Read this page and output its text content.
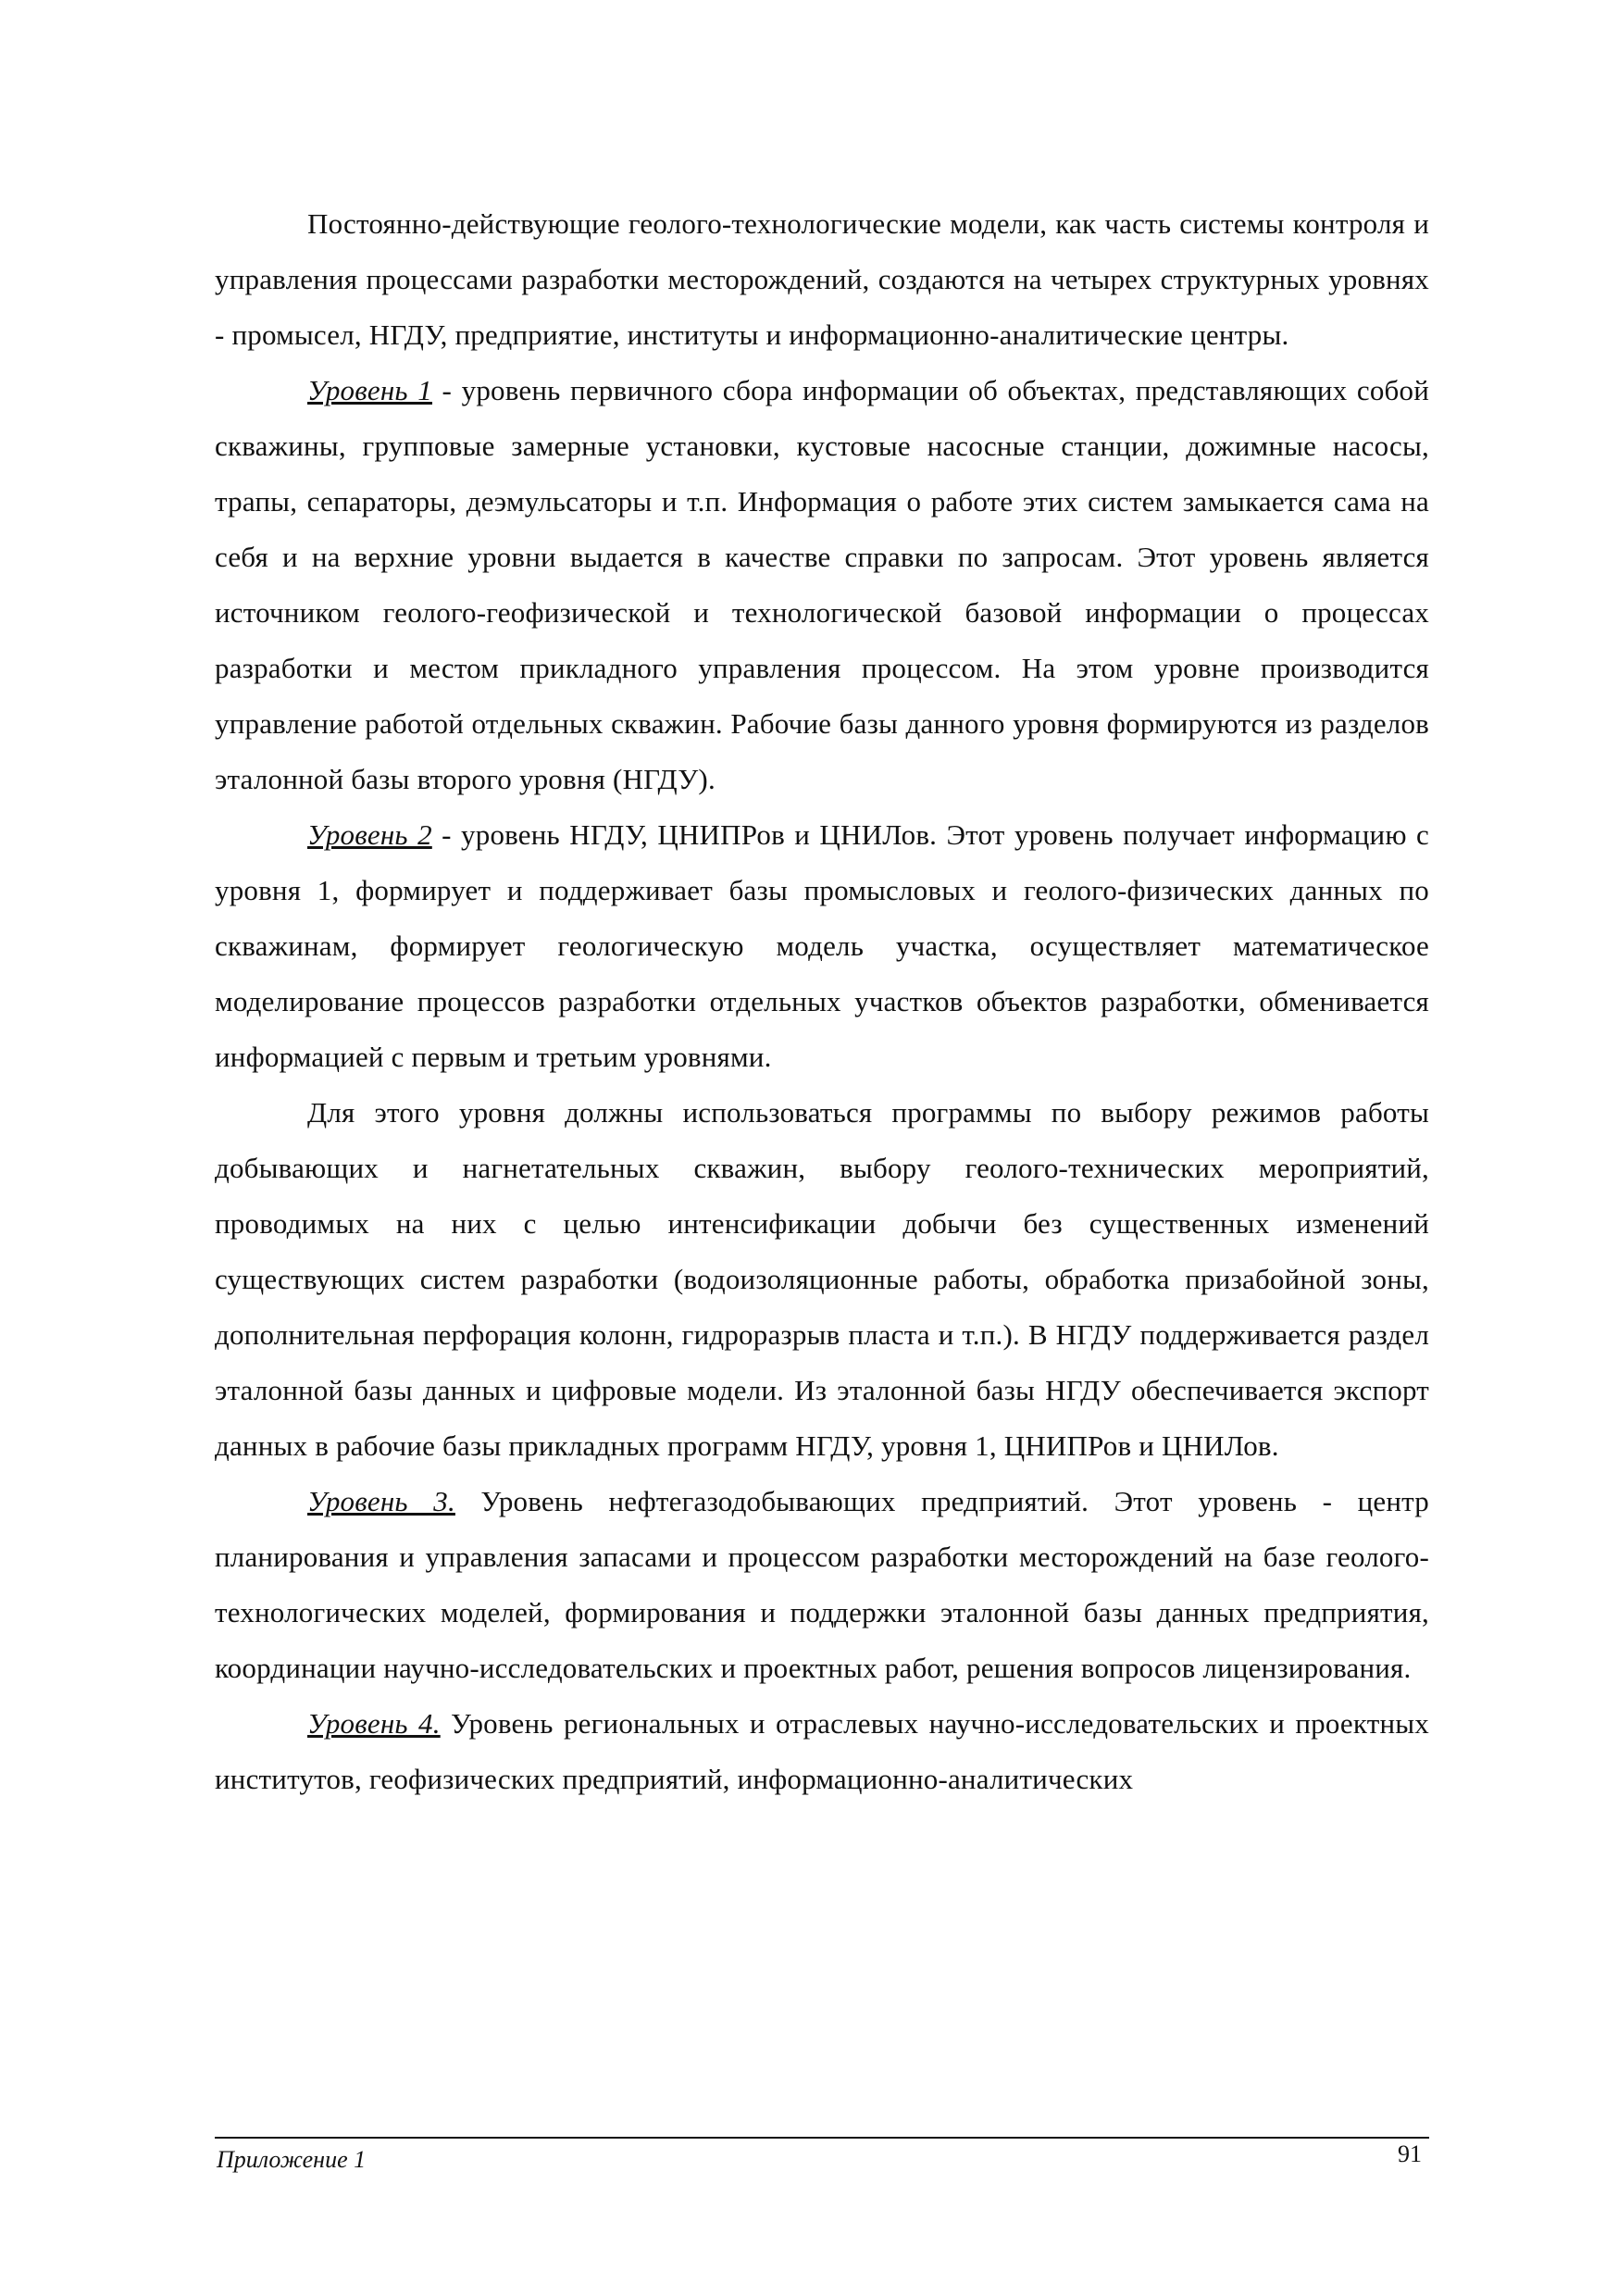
Постоянно-действующие геолого-технологические модели, как часть системы контроля и управления процессами разработки месторождений, создаются на четырех структурных уровнях - промысел, НГДУ, предприятие, институты и информационно-аналитические центры.

Уровень 1 - уровень первичного сбора информации об объектах, представляющих собой скважины, групповые замерные установки, кустовые насосные станции, дожимные насосы, трапы, сепараторы, деэмульсаторы и т.п. Информация о работе этих систем замыкается сама на себя и на верхние уровни выдается в качестве справки по запросам. Этот уровень является источником геолого-геофизической и технологической базовой информации о процессах разработки и местом прикладного управления процессом. На этом уровне производится управление работой отдельных скважин. Рабочие базы данного уровня формируются из разделов эталонной базы второго уровня (НГДУ).

Уровень 2 - уровень НГДУ, ЦНИПРов и ЦНИЛов. Этот уровень получает информацию с уровня 1, формирует и поддерживает базы промысловых и геолого-физических данных по скважинам, формирует геологическую модель участка, осуществляет математическое моделирование процессов разработки отдельных участков объектов разработки, обменивается информацией с первым и третьим уровнями.

Для этого уровня должны использоваться программы по выбору режимов работы добывающих и нагнетательных скважин, выбору геолого-технических мероприятий, проводимых на них с целью интенсификации добычи без существенных изменений существующих систем разработки (водоизоляционные работы, обработка призабойной зоны, дополнительная перфорация колонн, гидроразрыв пласта и т.п.). В НГДУ поддерживается раздел эталонной базы данных и цифровые модели. Из эталонной базы НГДУ обеспечивается экспорт данных в рабочие базы прикладных программ НГДУ, уровня 1, ЦНИПРов и ЦНИЛов.

Уровень 3. Уровень нефтегазодобывающих предприятий. Этот уровень - центр планирования и управления запасами и процессом разработки месторождений на базе геолого-технологических моделей, формирования и поддержки эталонной базы данных предприятия, координации научно-исследовательских и проектных работ, решения вопросов лицензирования.

Уровень 4. Уровень региональных и отраслевых научно-исследовательских и проектных институтов, геофизических предприятий, информационно-аналитических

Приложение 1	91
